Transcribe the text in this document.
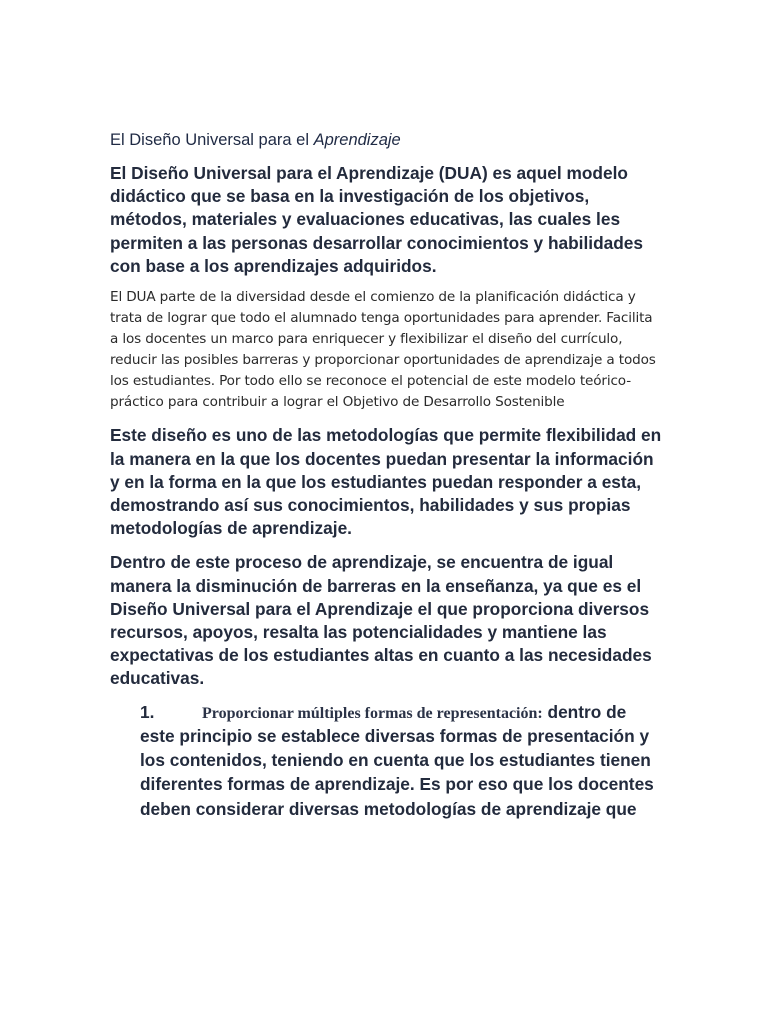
El Diseño Universal para el Aprendizaje

El Diseño Universal para el Aprendizaje (DUA) es aquel modelo didáctico que se basa en la investigación de los objetivos, métodos, materiales y evaluaciones educativas, las cuales les permiten a las personas desarrollar conocimientos y habilidades con base a los aprendizajes adquiridos.

El DUA parte de la diversidad desde el comienzo de la planificación didáctica y trata de lograr que todo el alumnado tenga oportunidades para aprender. Facilita a los docentes un marco para enriquecer y flexibilizar el diseño del currículo, reducir las posibles barreras y proporcionar oportunidades de aprendizaje a todos los estudiantes. Por todo ello se reconoce el potencial de este modelo teórico-práctico para contribuir a lograr el Objetivo de Desarrollo Sostenible

Este diseño es uno de las metodologías que permite flexibilidad en la manera en la que los docentes puedan presentar la información y en la forma en la que los estudiantes puedan responder a esta, demostrando así sus conocimientos, habilidades y sus propias metodologías de aprendizaje.

Dentro de este proceso de aprendizaje, se encuentra de igual manera la disminución de barreras en la enseñanza, ya que es el Diseño Universal para el Aprendizaje el que proporciona diversos recursos, apoyos, resalta las potencialidades y mantiene las expectativas de los estudiantes altas en cuanto a las necesidades educativas.

1.	Proporcionar múltiples formas de representación: dentro de este principio se establece diversas formas de presentación y los contenidos, teniendo en cuenta que los estudiantes tienen diferentes formas de aprendizaje. Es por eso que los docentes deben considerar diversas metodologías de aprendizaje que
